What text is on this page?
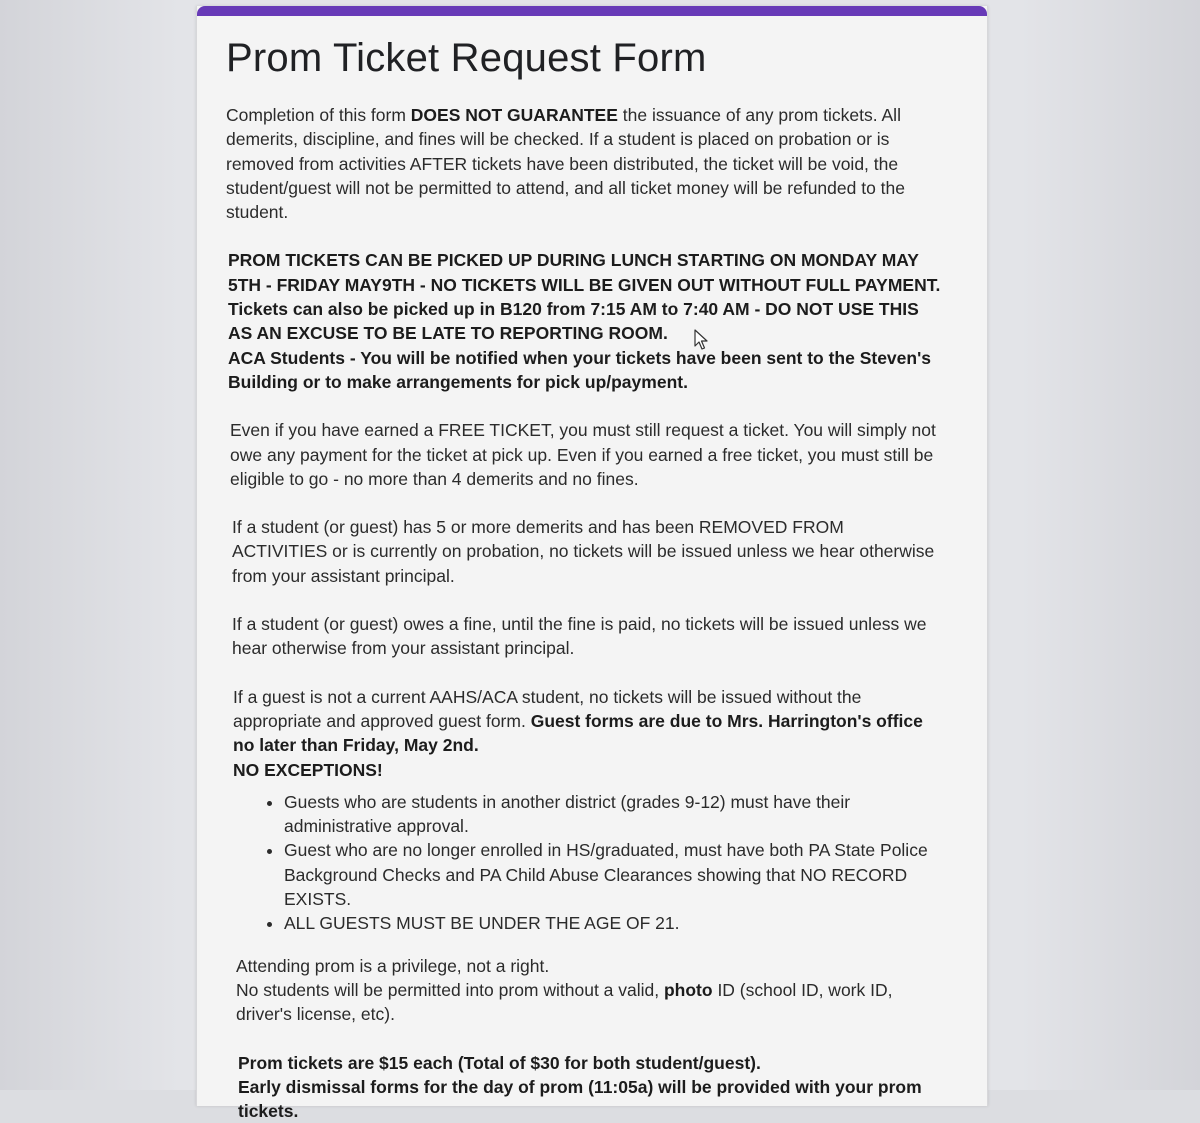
Prom Ticket Request Form

Completion of this form DOES NOT GUARANTEE the issuance of any prom tickets. All demerits, discipline, and fines will be checked. If a student is placed on probation or is removed from activities AFTER tickets have been distributed, the ticket will be void, the student/guest will not be permitted to attend, and all ticket money will be refunded to the student.

PROM TICKETS CAN BE PICKED UP DURING LUNCH STARTING ON MONDAY MAY 5TH - FRIDAY MAY9TH - NO TICKETS WILL BE GIVEN OUT WITHOUT FULL PAYMENT. Tickets can also be picked up in B120 from 7:15 AM to 7:40 AM - DO NOT USE THIS AS AN EXCUSE TO BE LATE TO REPORTING ROOM.
ACA Students - You will be notified when your tickets have been sent to the Steven's Building or to make arrangements for pick up/payment.

Even if you have earned a FREE TICKET, you must still request a ticket. You will simply not owe any payment for the ticket at pick up. Even if you earned a free ticket, you must still be eligible to go - no more than 4 demerits and no fines.

If a student (or guest) has 5 or more demerits and has been REMOVED FROM ACTIVITIES or is currently on probation, no tickets will be issued unless we hear otherwise from your assistant principal.

If a student (or guest) owes a fine, until the fine is paid, no tickets will be issued unless we hear otherwise from your assistant principal.

If a guest is not a current AAHS/ACA student, no tickets will be issued without the appropriate and approved guest form. Guest forms are due to Mrs. Harrington's office no later than Friday, May 2nd.
NO EXCEPTIONS!

• Guests who are students in another district (grades 9-12) must have their administrative approval.
• Guest who are no longer enrolled in HS/graduated, must have both PA State Police Background Checks and PA Child Abuse Clearances showing that NO RECORD EXISTS.
• ALL GUESTS MUST BE UNDER THE AGE OF 21.

Attending prom is a privilege, not a right.
No students will be permitted into prom without a valid, photo ID (school ID, work ID, driver's license, etc).

Prom tickets are $15 each (Total of $30 for both student/guest).
Early dismissal forms for the day of prom (11:05a) will be provided with your prom tickets.
